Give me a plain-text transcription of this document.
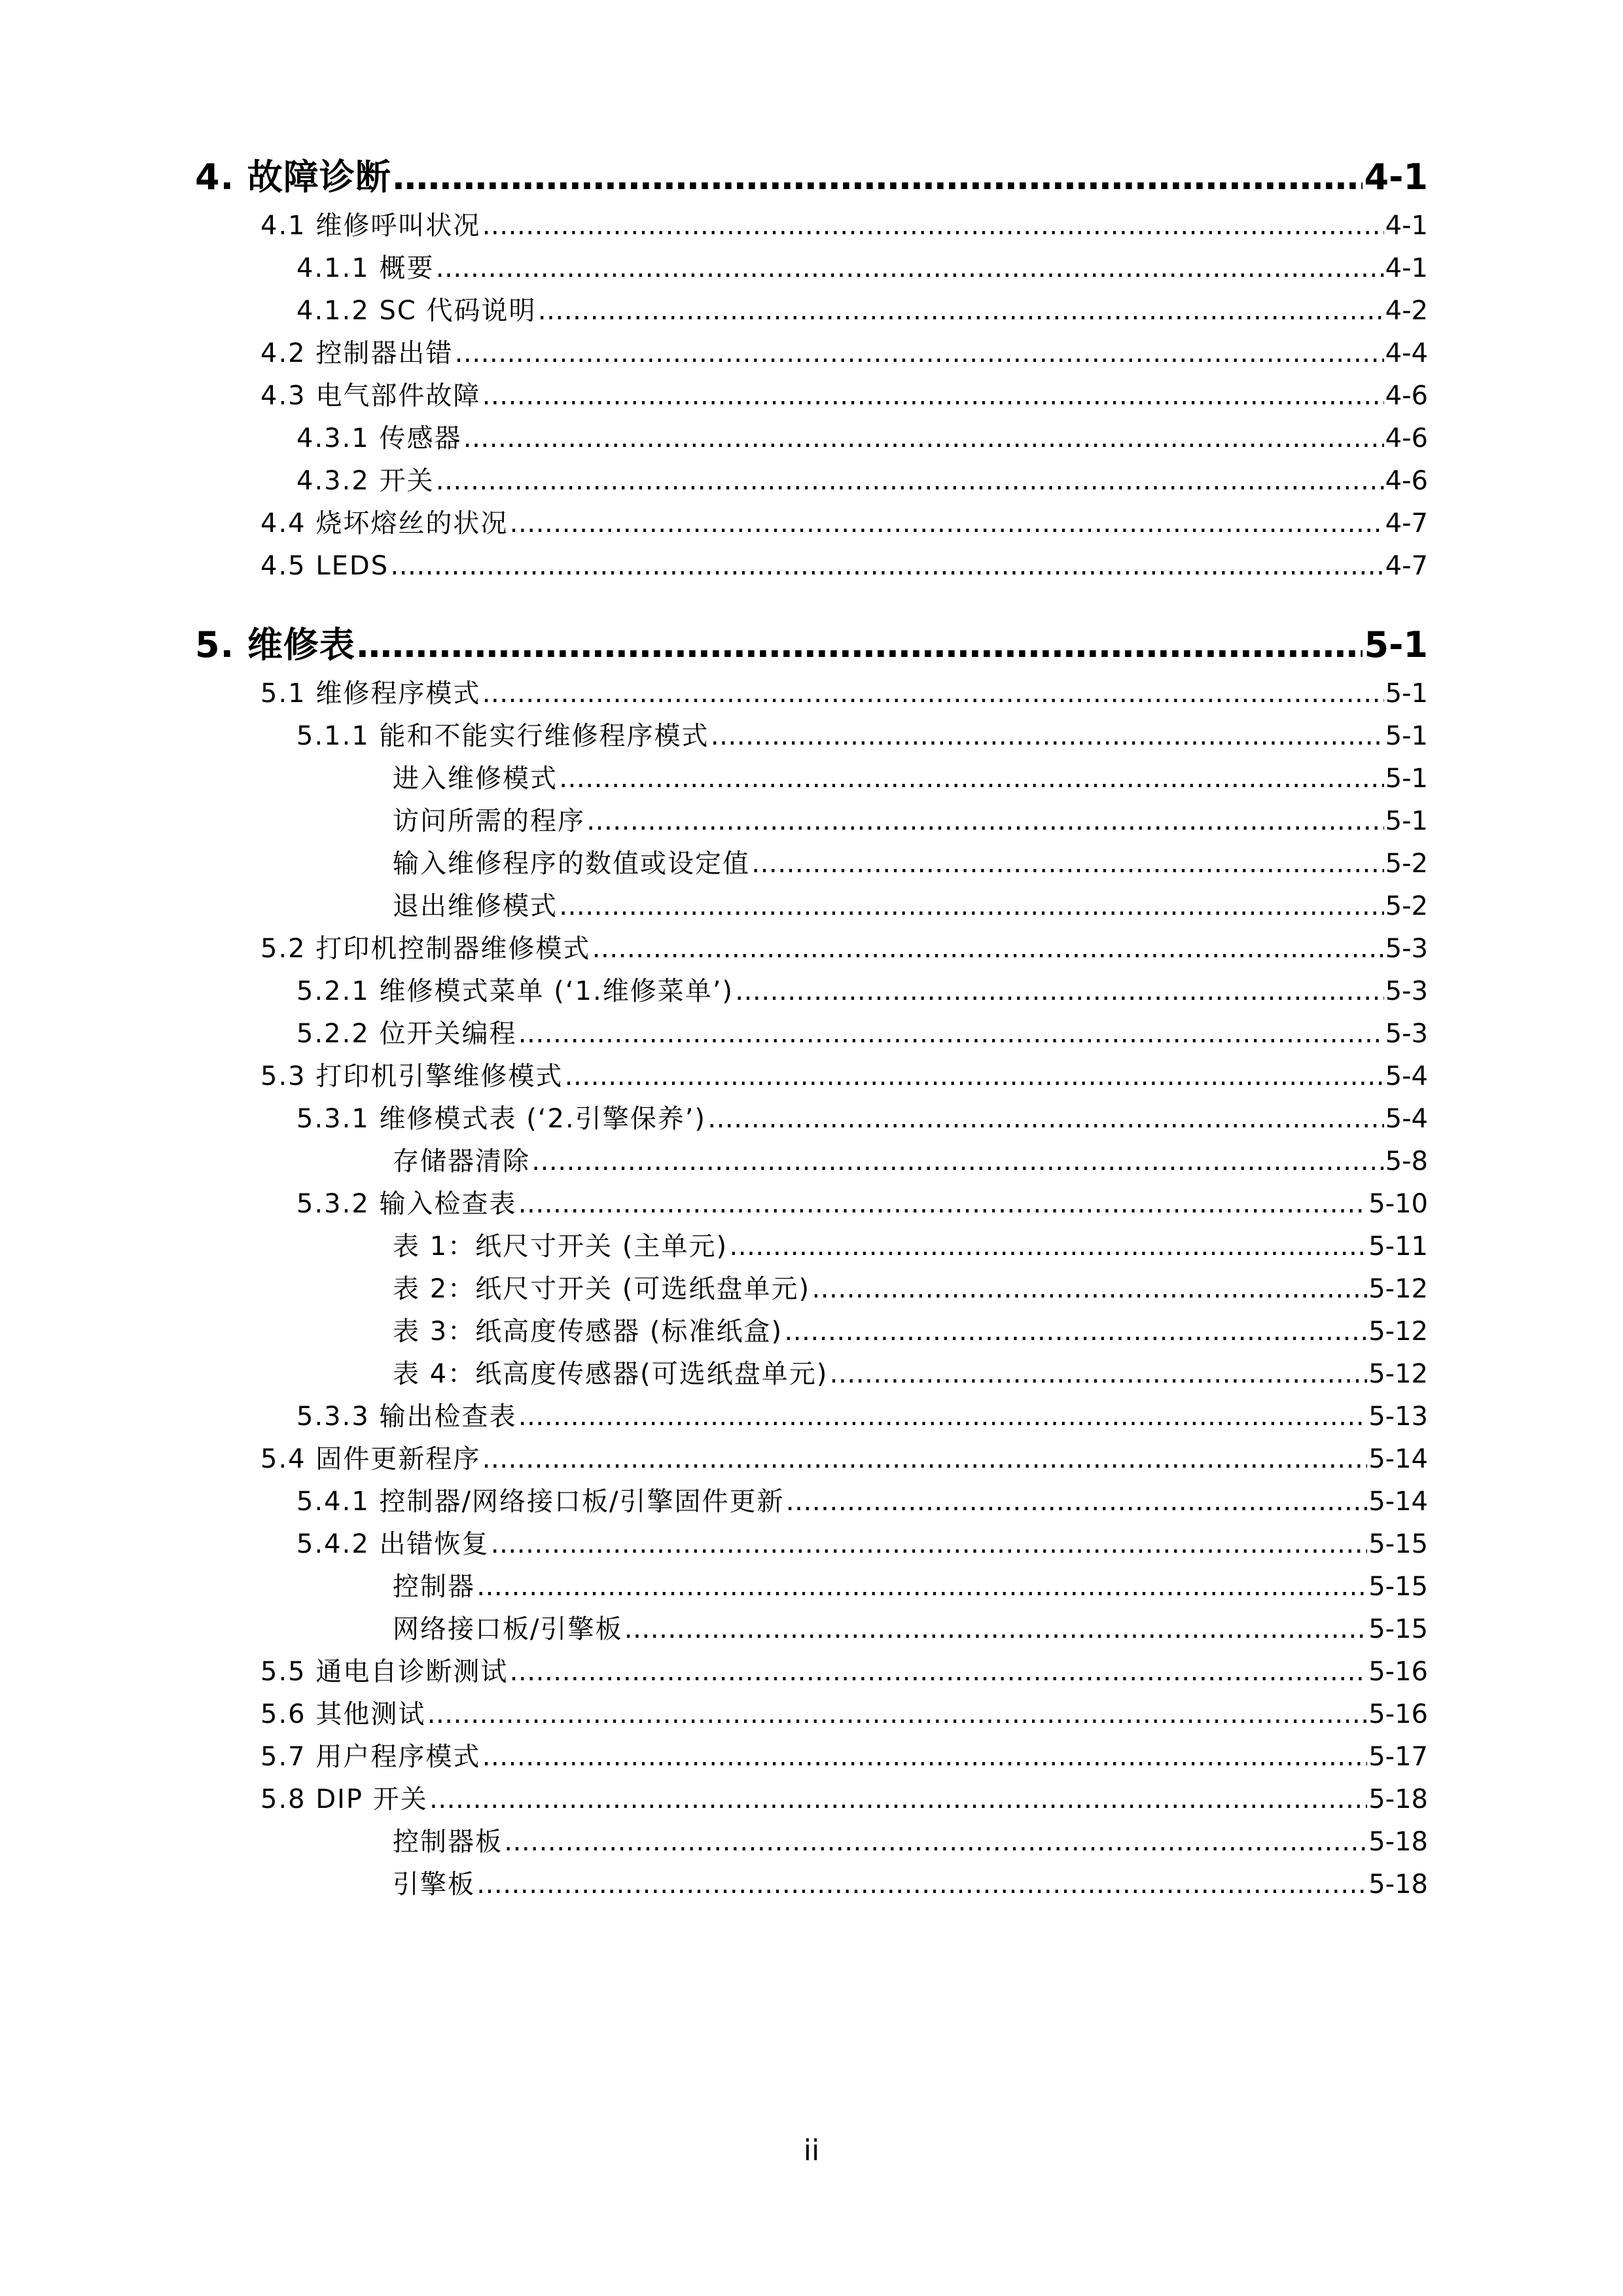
4. 故障诊断 ……………………………………………………………………………………………………………………………………………………………………………………………………………………………………………………………………	4-1
4.1 维修呼叫状况 ……………………………………………………………………………………………………………………………………………………………………………………………………………………………………………………………………	4-1
4.1.1 概要 ……………………………………………………………………………………………………………………………………………………………………………………………………………………………………………………………………	4-1
4.1.2 SC 代码说明 ……………………………………………………………………………………………………………………………………………………………………………………………………………………………………………………………………	4-2
4.2 控制器出错 ……………………………………………………………………………………………………………………………………………………………………………………………………………………………………………………………………	4-4
4.3 电气部件故障 ……………………………………………………………………………………………………………………………………………………………………………………………………………………………………………………………………	4-6
4.3.1 传感器 ……………………………………………………………………………………………………………………………………………………………………………………………………………………………………………………………………	4-6
4.3.2 开关 ……………………………………………………………………………………………………………………………………………………………………………………………………………………………………………………………………	4-6
4.4 烧坏熔丝的状况 ……………………………………………………………………………………………………………………………………………………………………………………………………………………………………………………………………	4-7
4.5 LEDS ……………………………………………………………………………………………………………………………………………………………………………………………………………………………………………………………………	4-7
5. 维修表 ……………………………………………………………………………………………………………………………………………………………………………………………………………………………………………………………………	5-1
5.1 维修程序模式 ……………………………………………………………………………………………………………………………………………………………………………………………………………………………………………………………………	5-1
5.1.1 能和不能实行维修程序模式 ……………………………………………………………………………………………………………………………………………………………………………………………………………………………………………………………………	5-1
进入维修模式 ……………………………………………………………………………………………………………………………………………………………………………………………………………………………………………………………………	5-1
访问所需的程序 ……………………………………………………………………………………………………………………………………………………………………………………………………………………………………………………………………	5-1
输入维修程序的数值或设定值 ……………………………………………………………………………………………………………………………………………………………………………………………………………………………………………………………………	5-2
退出维修模式 ……………………………………………………………………………………………………………………………………………………………………………………………………………………………………………………………………	5-2
5.2 打印机控制器维修模式 ……………………………………………………………………………………………………………………………………………………………………………………………………………………………………………………………………	5-3
5.2.1 维修模式菜单 (‘1.维修菜单’) ……………………………………………………………………………………………………………………………………………………………………………………………………………………………………………………………………	5-3
5.2.2 位开关编程 ……………………………………………………………………………………………………………………………………………………………………………………………………………………………………………………………………	5-3
5.3 打印机引擎维修模式 ……………………………………………………………………………………………………………………………………………………………………………………………………………………………………………………………………	5-4
5.3.1 维修模式表 (‘2.引擎保养’) ……………………………………………………………………………………………………………………………………………………………………………………………………………………………………………………………………	5-4
存储器清除 ……………………………………………………………………………………………………………………………………………………………………………………………………………………………………………………………………	5-8
5.3.2 输入检查表 ……………………………………………………………………………………………………………………………………………………………………………………………………………………………………………………………………	5-10
表 1：纸尺寸开关 (主单元) ……………………………………………………………………………………………………………………………………………………………………………………………………………………………………………………………………	5-11
表 2：纸尺寸开关 (可选纸盘单元) ……………………………………………………………………………………………………………………………………………………………………………………………………………………………………………………………………	5-12
表 3：纸高度传感器 (标准纸盒) ……………………………………………………………………………………………………………………………………………………………………………………………………………………………………………………………………	5-12
表 4：纸高度传感器(可选纸盘单元) ……………………………………………………………………………………………………………………………………………………………………………………………………………………………………………………………………	5-12
5.3.3 输出检查表 ……………………………………………………………………………………………………………………………………………………………………………………………………………………………………………………………………	5-13
5.4 固件更新程序 ……………………………………………………………………………………………………………………………………………………………………………………………………………………………………………………………………	5-14
5.4.1 控制器/网络接口板/引擎固件更新 ……………………………………………………………………………………………………………………………………………………………………………………………………………………………………………………………………	5-14
5.4.2 出错恢复 ……………………………………………………………………………………………………………………………………………………………………………………………………………………………………………………………………	5-15
控制器 ……………………………………………………………………………………………………………………………………………………………………………………………………………………………………………………………………	5-15
网络接口板/引擎板 ……………………………………………………………………………………………………………………………………………………………………………………………………………………………………………………………………	5-15
5.5 通电自诊断测试 ……………………………………………………………………………………………………………………………………………………………………………………………………………………………………………………………………	5-16
5.6 其他测试 ……………………………………………………………………………………………………………………………………………………………………………………………………………………………………………………………………	5-16
5.7 用户程序模式 ……………………………………………………………………………………………………………………………………………………………………………………………………………………………………………………………………	5-17
5.8 DIP 开关 ……………………………………………………………………………………………………………………………………………………………………………………………………………………………………………………………………	5-18
控制器板 ……………………………………………………………………………………………………………………………………………………………………………………………………………………………………………………………………	5-18
引擎板 ……………………………………………………………………………………………………………………………………………………………………………………………………………………………………………………………………	5-18
ii
